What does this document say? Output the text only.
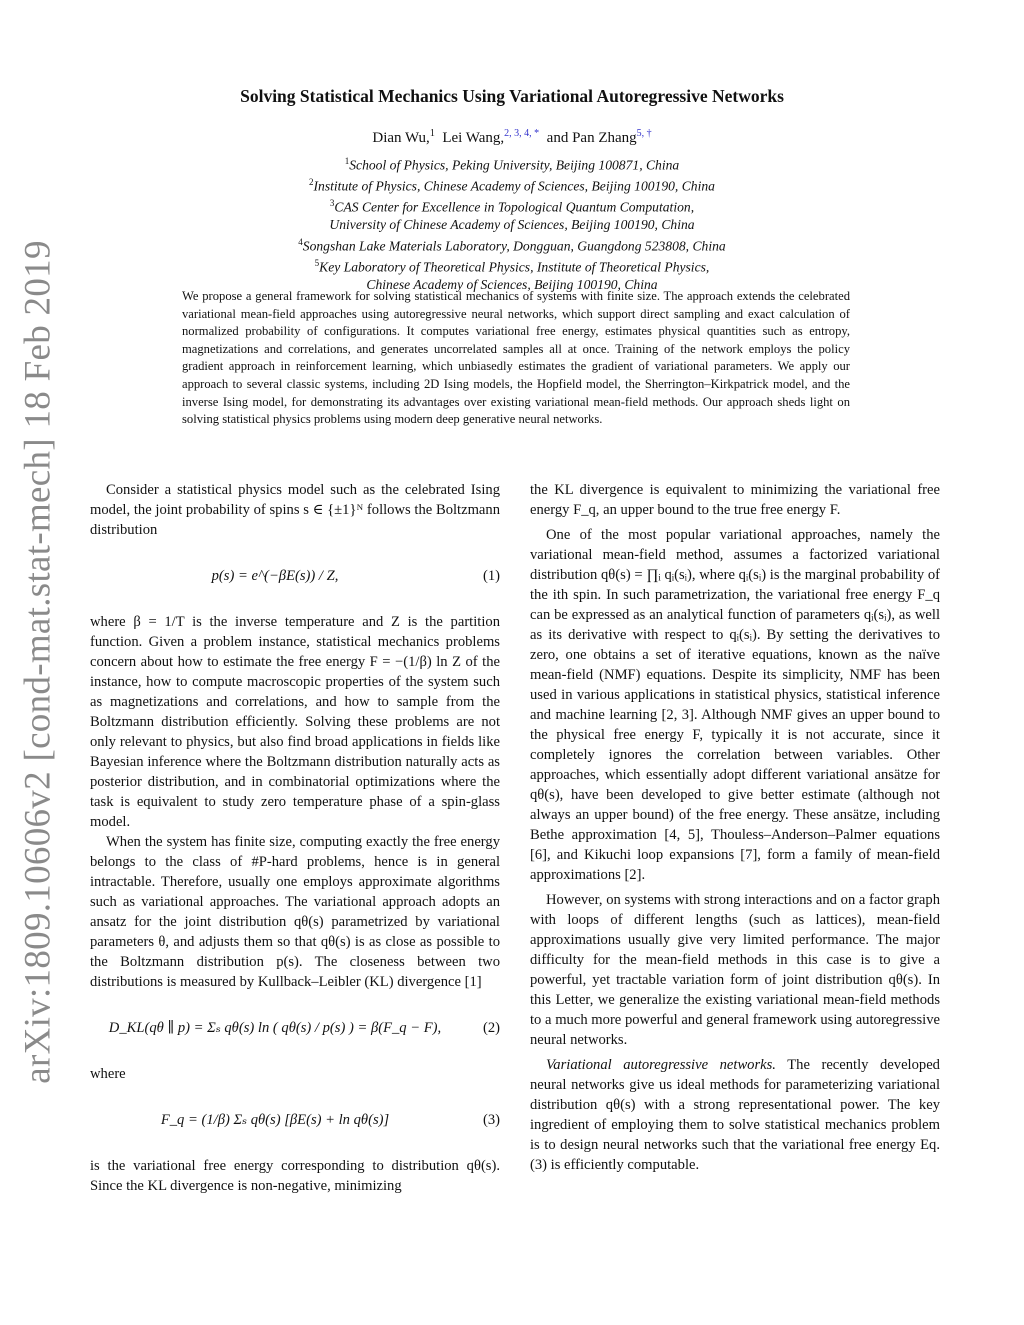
arXiv:1809.10606v2 [cond-mat.stat-mech] 18 Feb 2019
Solving Statistical Mechanics Using Variational Autoregressive Networks
Dian Wu,$^1$ Lei Wang,$^{2, 3, 4, *}$ and Pan Zhang$^{5, \dagger}$
$^1$School of Physics, Peking University, Beijing 100871, China
$^2$Institute of Physics, Chinese Academy of Sciences, Beijing 100190, China
$^3$CAS Center for Excellence in Topological Quantum Computation,
University of Chinese Academy of Sciences, Beijing 100190, China
$^4$Songshan Lake Materials Laboratory, Dongguan, Guangdong 523808, China
$^5$Key Laboratory of Theoretical Physics, Institute of Theoretical Physics,
Chinese Academy of Sciences, Beijing 100190, China
We propose a general framework for solving statistical mechanics of systems with finite size. The approach extends the celebrated variational mean-field approaches using autoregressive neural networks, which support direct sampling and exact calculation of normalized probability of configurations. It computes variational free energy, estimates physical quantities such as entropy, magnetizations and correlations, and generates uncorrelated samples all at once. Training of the network employs the policy gradient approach in reinforcement learning, which unbiasedly estimates the gradient of variational parameters. We apply our approach to several classic systems, including 2D Ising models, the Hopfield model, the Sherrington–Kirkpatrick model, and the inverse Ising model, for demonstrating its advantages over existing variational mean-field methods. Our approach sheds light on solving statistical physics problems using modern deep generative neural networks.

Consider a statistical physics model such as the celebrated Ising model, the joint probability of spins s ∈ {±1}ᴺ follows the Boltzmann distribution

p(s) = e^(−βE(s)) / Z,	(1)

where β = 1/T is the inverse temperature and Z is the partition function. Given a problem instance, statistical mechanics problems concern about how to estimate the free energy F = −(1/β) ln Z of the instance, how to compute macroscopic properties of the system such as magnetizations and correlations, and how to sample from the Boltzmann distribution efficiently. Solving these problems are not only relevant to physics, but also find broad applications in fields like Bayesian inference where the Boltzmann distribution naturally acts as posterior distribution, and in combinatorial optimizations where the task is equivalent to study zero temperature phase of a spin-glass model.

When the system has finite size, computing exactly the free energy belongs to the class of #P-hard problems, hence is in general intractable. Therefore, usually one employs approximate algorithms such as variational approaches. The variational approach adopts an ansatz for the joint distribution qθ(s) parametrized by variational parameters θ, and adjusts them so that qθ(s) is as close as possible to the Boltzmann distribution p(s). The closeness between two distributions is measured by Kullback–Leibler (KL) divergence [1]

D_KL(qθ ∥ p) = Σₛ qθ(s) ln ( qθ(s) / p(s) ) = β(F_q − F),	(2)

where

F_q = (1/β) Σₛ qθ(s) [βE(s) + ln qθ(s)]	(3)

is the variational free energy corresponding to distribution qθ(s). Since the KL divergence is non-negative, minimizing

the KL divergence is equivalent to minimizing the variational free energy F_q, an upper bound to the true free energy F.

One of the most popular variational approaches, namely the variational mean-field method, assumes a factorized variational distribution qθ(s) = ∏ᵢ qᵢ(sᵢ), where qᵢ(sᵢ) is the marginal probability of the ith spin. In such parametrization, the variational free energy F_q can be expressed as an analytical function of parameters qᵢ(sᵢ), as well as its derivative with respect to qᵢ(sᵢ). By setting the derivatives to zero, one obtains a set of iterative equations, known as the naïve mean-field (NMF) equations. Despite its simplicity, NMF has been used in various applications in statistical physics, statistical inference and machine learning [2, 3]. Although NMF gives an upper bound to the physical free energy F, typically it is not accurate, since it completely ignores the correlation between variables. Other approaches, which essentially adopt different variational ansätze for qθ(s), have been developed to give better estimate (although not always an upper bound) of the free energy. These ansätze, including Bethe approximation [4, 5], Thouless–Anderson–Palmer equations [6], and Kikuchi loop expansions [7], form a family of mean-field approximations [2].

However, on systems with strong interactions and on a factor graph with loops of different lengths (such as lattices), mean-field approximations usually give very limited performance. The major difficulty for the mean-field methods in this case is to give a powerful, yet tractable variation form of joint distribution qθ(s). In this Letter, we generalize the existing variational mean-field methods to a much more powerful and general framework using autoregressive neural networks.

Variational autoregressive networks. The recently developed neural networks give us ideal methods for parameterizing variational distribution qθ(s) with a strong representational power. The key ingredient of employing them to solve statistical mechanics problem is to design neural networks such that the variational free energy Eq. (3) is efficiently computable.
